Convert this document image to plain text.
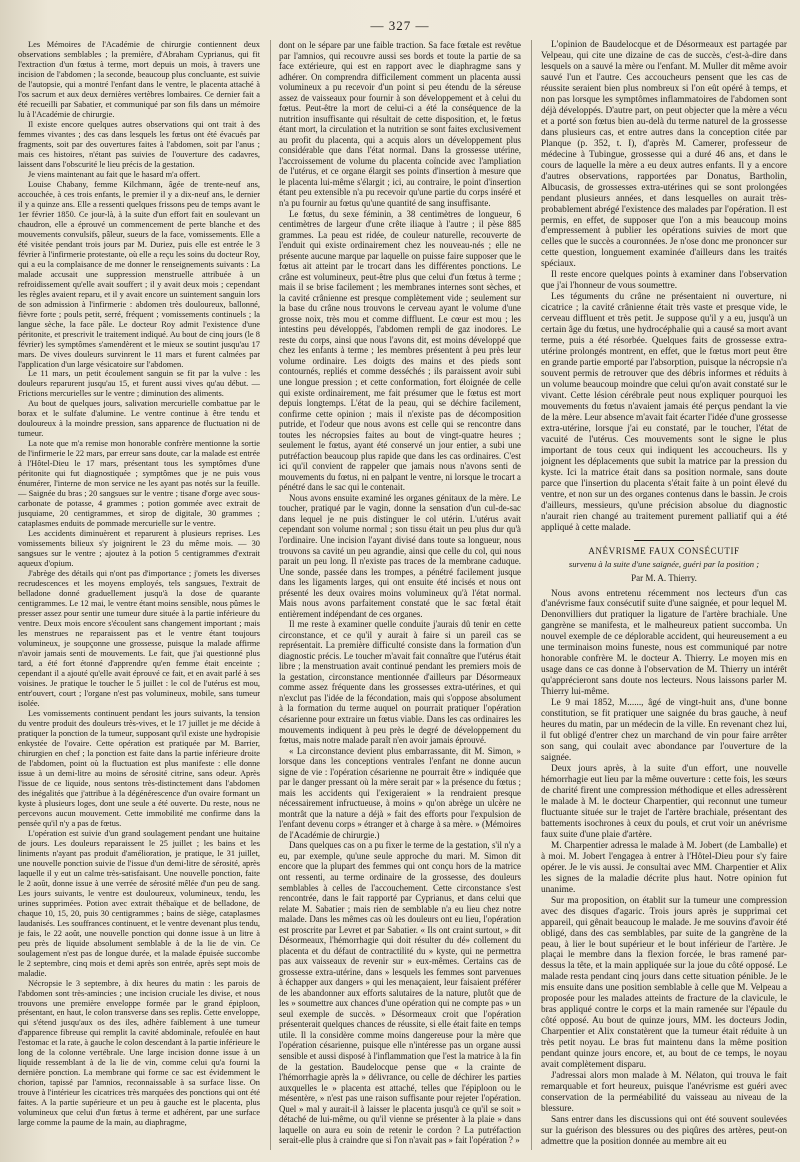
— 327 —

Les Mémoires de l'Académie de chirurgie contiennent deux observations semblables ; la première, d'Abraham Cyprianus, qui fit l'extraction d'un fœtus à terme, mort depuis un mois, à travers une incision de l'abdomen ; la seconde, beaucoup plus concluante, est suivie de l'autopsie, qui a montré l'enfant dans le ventre, le placenta attaché à l'os sacrum et aux deux dernières vertèbres lombaires. Ce dernier fait a été recueilli par Sabatier, et communiqué par son fils dans un mémoire lu à l'Académie de chirurgie.

Il existe encore quelques autres observations qui ont trait à des femmes vivantes ; des cas dans lesquels les fœtus ont été évacués par fragments, soit par des ouvertures faites à l'abdomen, soit par l'anus ; mais ces histoires, n'étant pas suivies de l'ouverture des cadavres, laissent dans l'obscurité le lieu précis de la gestation.

Je viens maintenant au fait que le hasard m'a offert.

Louise Chabany, femme Kilchmann, âgée de trente-neuf ans, accouchée, à ces trois enfants, le premier il y a dix-neuf ans, le dernier il y a quinze ans. Elle a ressenti quelques frissons peu de temps avant le 1er février 1850. Ce jour-là, à la suite d'un effort fait en soulevant un chaudron, elle a éprouvé un commencement de perte blanche et des mouvements convulsifs, pâleur, sueurs de la face, vomissements. Elle a été visitée pendant trois jours par M. Duriez, puis elle est entrée le 3 février à l'infirmerie protestante, où elle a reçu les soins du docteur Roy, qui a eu la complaisance de me donner le renseignements suivants : La malade accusait une suppression menstruelle attribuée à un refroidissement qu'elle avait souffert ; il y avait deux mois ; cependant les règles avaient reparu, et il y avait encore un suintement sanguin lors de son admission à l'infirmerie : abdomen très douloureux, ballonné, fièvre forte ; pouls petit, serré, fréquent ; vomissements continuels ; la langue sèche, la face pâle. Le docteur Roy admit l'existence d'une péritonite, et prescrivit le traitement indiqué. Au bout de cinq jours (le 8 février) les symptômes s'amendèrent et le mieux se soutint jusqu'au 17 mars. De vives douleurs survinrent le 11 mars et furent calmées par l'application d'un large vésicatoire sur l'abdomen.

Le 11 mars, un petit écoulement sanguin se fit par la vulve : les douleurs reparurent jusqu'au 15, et furent aussi vives qu'au début. — Frictions mercurielles sur le ventre ; diminution des aliments.

Au bout de quelques jours, salivation mercurielle combattue par le borax et le sulfate d'alumine. Le ventre continue à être tendu et douloureux à la moindre pression, sans apparence de fluctuation ni de tumeur.

La note que m'a remise mon honorable confrère mentionne la sortie de l'infirmerie le 22 mars, par erreur sans doute, car la malade est entrée à l'Hôtel-Dieu le 17 mars, présentant tous les symptômes d'une péritonite qui fut diagnostiquée ; symptômes que je ne puis vous énumérer, l'interne de mon service ne les ayant pas notés sur la feuille. — Saignée du bras ; 20 sangsues sur le ventre ; tisane d'orge avec sous-carbonate de potasse, 4 grammes ; potion gommée avec extrait de jusquiame, 20 centigrammes, et sirop de digitale, 30 grammes ; cataplasmes enduits de pommade mercurielle sur le ventre.

Les accidents diminuèrent et reparurent à plusieurs reprises. Les vomissements bilieux s'y joignirent le 23 du même mois. — 30 sangsues sur le ventre ; ajoutez à la potion 5 centigrammes d'extrait aqueux d'opium.

J'abrège des détails qui n'ont pas d'importance ; j'omets les diverses recrudescences et les moyens employés, tels sangsues, l'extrait de belladone donné graduellement jusqu'à la dose de quarante centigrammes. Le 12 mai, le ventre étant moins sensible, nous pûmes le presser assez pour sentir une tumeur dure située à la partie inférieure du ventre. Deux mois encore s'écoulent sans changement important ; mais les menstrues ne reparaissent pas et le ventre étant toujours volumineux, je soupçonne une grossesse, puisque la malade affirme n'avoir jamais senti de mouvements. Le fait, que j'ai questionné plus tard, a été fort étonné d'apprendre qu'en femme était enceinte ; cependant il a ajouté qu'elle avait éprouvé ce fait, et en avait parlé à ses voisines. Je pratique le toucher le 5 juillet : le col de l'utérus est mou, entr'ouvert, court ; l'organe n'est pas volumineux, mobile, sans tumeur isolée.

Les vomissements continuent pendant les jours suivants, la tension du ventre produit des douleurs très-vives, et le 17 juillet je me décide à pratiquer la ponction de la tumeur, supposant qu'il existe une hydropisie enkystée de l'ovaire. Cette opération est pratiquée par M. Barrier, chirurgien en chef ; la ponction est faite dans la partie inférieure droite de l'abdomen, point où la fluctuation est plus manifeste : elle donne issue à un demi-litre au moins de sérosité citrine, sans odeur. Après l'issue de ce liquide, nous sentons très-distinctement dans l'abdomen des inégalités que j'attribue à la dégénérescence d'un ovaire formant un kyste à plusieurs loges, dont une seule a été ouverte. Du reste, nous ne percevons aucun mouvement. Cette immobilité me confirme dans la pensée qu'il n'y a pas de fœtus.

L'opération est suivie d'un grand soulagement pendant une huitaine de jours. Les douleurs reparaissent le 25 juillet ; les bains et les liniments n'ayant pas produit d'amélioration, je pratique, le 31 juillet, une nouvelle ponction suivie de l'issue d'un demi-litre de sérosité, après laquelle il y eut un calme très-satisfaisant. Une nouvelle ponction, faite le 2 août, donne issue à une verrée de sérosité mêlée d'un peu de sang. Les jours suivants, le ventre est douloureux, volumineux, tendu, les urines supprimées. Potion avec extrait thébaïque et de belladone, de chaque 10, 15, 20, puis 30 centigrammes ; bains de siège, cataplasmes laudanisés. Les souffrances continuent, et le ventre devenant plus tendu, je fais, le 22 août, une nouvelle ponction qui donne issue à un litre à peu près de liquide absolument semblable à de la lie de vin. Ce soulagement n'est pas de longue durée, et la malade épuisée succombe le 2 septembre, cinq mois et demi après son entrée, après sept mois de maladie.

Nécropsie le 3 septembre, à dix heures du matin : les parois de l'abdomen sont très-amincies ; une incision cruciale les divise, et nous trouvons une première enveloppe formée par le grand épiploon, présentant, en haut, le colon transverse dans ses replis. Cette enveloppe, qui s'étend jusqu'aux os des iles, adhère faiblement à une tumeur d'apparence fibreuse qui remplit la cavité abdominale, refoulée en haut l'estomac et la rate, à gauche le colon descendant à la partie inférieure le long de la colonne vertébrale. Une large incision donne issue à un liquide ressemblant à de la lie de vin, comme celui qu'a fourni la dernière ponction. La membrane qui forme ce sac est évidemment le chorion, tapissé par l'amnios, reconnaissable à sa surface lisse. On trouve à l'intérieur les cicatrices très marquées des ponctions qui ont été faites. A la partie supérieure et un peu à gauche est le placenta, plus volumineux que celui d'un fœtus à terme et adhérent, par une surface large comme la paume de la main, au diaphragme,

dont on le sépare par une faible traction. Sa face fœtale est revêtue par l'amnios, qui recouvre aussi ses bords et toute la partie de sa face extérieure, qui est en rapport avec le diaphragme sans y adhérer. On comprendra difficilement comment un placenta aussi volumineux a pu recevoir d'un point si peu étendu de la séreuse assez de vaisseaux pour fournir à son développement et à celui du fœtus. Peut-être la mort de celui-ci a été la conséquence de la nutrition insuffisante qui résultait de cette disposition, et, le fœtus étant mort, la circulation et la nutrition se sont faites exclusivement au profit du placenta, qui a acquis alors un développement plus considérable que dans l'état normal. Dans la grossesse utérine, l'accroissement de volume du placenta coïncide avec l'ampliation de l'utérus, et ce organe élargit ses points d'insertion à mesure que le placenta lui-même s'élargit ; ici, au contraire, le point d'insertion étant peu extensible n'a pu recevoir qu'une partie du corps inséré et n'a pu fournir au fœtus qu'une quantité de sang insuffisante.

Le fœtus, du sexe féminin, a 38 centimètres de longueur, 6 centimètres de largeur d'une crête iliaque à l'autre ; il pèse 885 grammes. La peau est ridée, de couleur naturelle, recouverte de l'enduit qui existe ordinairement chez les nouveau-nés ; elle ne présente aucune marque par laquelle on puisse faire supposer que le fœtus ait atteint par le trocart dans les différentes ponctions. Le crâne est volumineux, peut-être plus que celui d'un fœtus à terme ; mais il se brise facilement ; les membranes internes sont sèches, et la cavité crânienne est presque complètement vide ; seulement sur la base du crâne nous trouvons le cerveau ayant le volume d'une grosse noix, très mou et comme diffluent. Le cœur est mou ; les intestins peu développés, l'abdomen rempli de gaz inodores. Le reste du corps, ainsi que nous l'avons dit, est moins développé que chez les enfants à terme ; les membres présentent à peu près leur volume ordinaire. Les doigts des mains et des pieds sont contournés, repliés et comme desséchés ; ils paraissent avoir subi une longue pression ; et cette conformation, fort éloignée de celle qui existe ordinairement, me fait présumer que le fœtus est mort depuis longtemps. L'état de la peau, qui se déchire facilement, confirme cette opinion ; mais il n'existe pas de décomposition putride, et l'odeur que nous avons est celle qui se rencontre dans toutes les nécropsies faites au bout de vingt-quatre heures ; seulement le fœtus, ayant été conservé un jour entier, a subi une putréfaction beaucoup plus rapide que dans les cas ordinaires. C'est ici qu'il convient de rappeler que jamais nous n'avons senti de mouvements du fœtus, ni en palpant le ventre, ni lorsque le trocart a pénétré dans le sac qui le contenait.

Nous avons ensuite examiné les organes génitaux de la mère. Le toucher, pratiqué par le vagin, donne la sensation d'un cul-de-sac dans lequel je ne puis distinguer le col utérin. L'utérus avait cependant son volume normal ; son tissu était un peu plus dur qu'à l'ordinaire. Une incision l'ayant divisé dans toute sa longueur, nous trouvons sa cavité un peu agrandie, ainsi que celle du col, qui nous parait un peu long. Il n'existe pas traces de la membrane caduque. Une sonde, passée dans les trompes, a pénétré facilement jusque dans les ligaments larges, qui ont ensuite été incisés et nous ont présenté les deux ovaires moins volumineux qu'à l'état normal. Mais nous avons parfaitement constaté que le sac fœtal était entièrement indépendant de ces organes.

Il me reste à examiner quelle conduite j'aurais dû tenir en cette circonstance, et ce qu'il y aurait à faire si un pareil cas se représentait. La première difficulté consiste dans la formation d'un diagnostic précis. Le toucher m'avait fait connaître que l'utérus était libre ; la menstruation avait continué pendant les premiers mois de la gestation, circonstance mentionnée d'ailleurs par Désormeaux comme assez fréquente dans les grossesses extra-utérines, et qui n'exclut pas l'idée de la fécondation, mais qui s'oppose absolument à la formation du terme auquel on pourrait pratiquer l'opération césarienne pour extraire un fœtus viable. Dans les cas ordinaires les mouvements indiquent à peu près le degré de développement du fœtus, mais notre malade paraît n'en avoir jamais éprouvé.

« La circonstance devient plus embarrassante, dit M. Simon, » lorsque dans les conceptions ventrales l'enfant ne donne aucun signe de vie : l'opération césarienne ne pourrait être » indiquée que par le danger pressant où la mère serait par » la présence du fœtus ; mais les accidents qui l'exigeraient » la rendraient presque nécessairement infructueuse, à moins » qu'on abrège un ulcère ne montrât que la nature a déjà » fait des efforts pour l'expulsion de l'enfant devenu corps » étranger et à charge à sa mère. » (Mémoires de l'Académie de chirurgie.)

Dans quelques cas on a pu fixer le terme de la gestation, s'il n'y a eu, par exemple, qu'une seule approche du mari. M. Simon dit encore que la plupart des femmes qui ont conçu hors de la matrice ont ressenti, au terme ordinaire de la grossesse, des douleurs semblables à celles de l'accouchement. Cette circonstance s'est rencontrée, dans le fait rapporté par Cyprianus, et dans celui que relate M. Sabatier ; mais rien de semblable n'a eu lieu chez notre malade. Dans les mêmes cas où les douleurs ont eu lieu, l'opération est proscrite par Levret et par Sabatier. « Ils ont craint surtout, » dit Désormeaux, l'hémorrhagie qui doit résulter du dé» collement du placenta et du défaut de contractilité du » kyste, qui ne permettra pas aux vaisseaux de revenir sur » eux-mêmes. Certains cas de grossesse extra-utérine, dans » lesquels les femmes sont parvenues à échapper aux dangers » qui les menaçaient, leur faisaient préférer de les abandonner aux efforts salutaires de la nature, plutôt que de les » soumettre aux chances d'une opération qui ne compte pas » un seul exemple de succès. » Désormeaux croit que l'opération présenterait quelques chances de réussite, si elle était faite en temps utile. Il la considère comme moins dangereuse pour la mère que l'opération césarienne, puisque elle n'intéresse pas un organe aussi sensible et aussi disposé à l'inflammation que l'est la matrice à la fin de la gestation. Baudelocque pense que « la crainte de l'hémorrhagie après la » délivrance, ou celle de déchirer les parties auxquelles le » placenta est attaché, telles que l'épiploon ou le mésentère, » n'est pas une raison suffisante pour rejeter l'opération. Quel » mal y aurait-il à laisser le placenta jusqu'à ce qu'il se soit » détaché de lui-même, ou qu'il vienne se présenter à la plaie » dans laquelle on aura eu soin de retenir le cordon ? La putréfaction serait-elle plus à craindre que si l'on n'avait pas » fait l'opération ? »

L'opinion de Baudelocque et de Désormeaux est partagée par Velpeau, qui cite une dizaine de cas de succès, c'est-à-dire dans lesquels on a sauvé la mère ou l'enfant. M. Muller dit même avoir sauvé l'un et l'autre. Ces accoucheurs pensent que les cas de réussite seraient bien plus nombreux si l'on eût opéré à temps, et non pas lorsque les symptômes inflammatoires de l'abdomen sont déjà développés. D'autre part, on peut objecter que la mère a vécu et a porté son fœtus bien au-delà du terme naturel de la grossesse dans plusieurs cas, et entre autres dans la conception citée par Planque (p. 352, t. I), d'après M. Camerer, professeur de médecine à Tubingue, grossesse qui a duré 46 ans, et dans le cours de laquelle la mère a eu deux autres enfants. Il y a encore d'autres observations, rapportées par Donatus, Bartholin, Albucasis, de grossesses extra-utérines qui se sont prolongées pendant plusieurs années, et dans lesquelles on aurait très-probablement abrégé l'existence des malades par l'opération. Il est permis, en effet, de supposer que l'on a mis beaucoup moins d'empressement à publier les opérations suivies de mort que celles que le succès a couronnées. Je n'ose donc me prononcer sur cette question, longuement examinée d'ailleurs dans les traités spéciaux.

Il reste encore quelques points à examiner dans l'observation que j'ai l'honneur de vous soumettre.

Les téguments du crâne ne présentaient ni ouverture, ni cicatrice ; la cavité crânienne était très vaste et presque vide, le cerveau diffluent et très petit. Je suppose qu'il y a eu, jusqu'à un certain âge du fœtus, une hydrocéphalie qui a causé sa mort avant terme, puis a été résorbée. Quelques faits de grossesse extra-utérine prolongés montrent, en effet, que le fœtus mort peut être en grande partie emporté par l'absorption, puisque la nécropsie n'a souvent permis de retrouver que des débris informes et réduits à un volume beaucoup moindre que celui qu'on avait constaté sur le vivant. Cette lésion cérébrale peut nous expliquer pourquoi les mouvements du fœtus n'avaient jamais été perçus pendant la vie de la mère. Leur absence m'avait fait écarter l'idée d'une grossesse extra-utérine, lorsque j'ai eu constaté, par le toucher, l'état de vacuité de l'utérus. Ces mouvements sont le signe le plus important de tous ceux qui indiquent les accoucheurs. Ils y joignent les déplacements que subit la matrice par la pression du kyste. Ici la matrice était dans sa position normale, sans doute parce que l'insertion du placenta s'était faite à un point élevé du ventre, et non sur un des organes contenus dans le bassin. Je crois d'ailleurs, messieurs, qu'une précision absolue du diagnostic n'aurait rien changé au traitement purement palliatif qui a été appliqué à cette malade.

ANÉVRISME FAUX CONSÉCUTIF
survenu à la suite d'une saignée, guéri par la position ;
Par M. A. Thierry.

Nous avons entretenu récemment nos lecteurs d'un cas d'anévrisme faux consécutif suite d'une saignée, et pour lequel M. Denonvilliers dut pratiquer la ligature de l'artère brachiale. Une gangrène se manifesta, et le malheureux patient succomba. Un nouvel exemple de ce déplorable accident, qui heureusement a eu une terminaison moins funeste, nous est communiqué par notre honorable confrère M. le docteur A. Thierry. Le moyen mis en usage dans ce cas donne à l'observation de M. Thierry un intérêt qu'apprécieront sans doute nos lecteurs. Nous laissons parler M. Thierry lui-même.

Le 9 mai 1852, M......, âgé de vingt-huit ans, d'une bonne constitution, se fit pratiquer une saignée du bras gauche, à neuf heures du matin, par un médecin de la ville. En revenant chez lui, il fut obligé d'entrer chez un marchand de vin pour faire arrêter son sang, qui coulait avec abondance par l'ouverture de la saignée.

Deux jours après, à la suite d'un effort, une nouvelle hémorrhagie eut lieu par la même ouverture : cette fois, les sœurs de charité firent une compression méthodique et elles adressèrent le malade à M. le docteur Charpentier, qui reconnut une tumeur fluctuante située sur le trajet de l'artère brachiale, présentant des battements isochrones à ceux du pouls, et crut voir un anévrisme faux suite d'une plaie d'artère.

M. Charpentier adressa le malade à M. Jobert (de Lamballe) et à moi. M. Jobert l'engagea à entrer à l'Hôtel-Dieu pour s'y faire opérer. Je le vis aussi. Je consultai avec MM. Charpentier et Alix les signes de la maladie décrite plus haut. Notre opinion fut unanime.

Sur ma proposition, on établit sur la tumeur une compression avec des disques d'agaric. Trois jours après je supprimai cet appareil, qui gênait beaucoup le malade. Je me souvins d'avoir été obligé, dans des cas semblables, par suite de la gangrène de la peau, à lier le bout supérieur et le bout inférieur de l'artère. Je plaçai le membre dans la flexion forcée, le bras ramené par-dessus la tête, et la main appliquée sur la joue du côté opposé. Le malade resta pendant cinq jours dans cette situation pénible. Je le mis ensuite dans une position semblable à celle que M. Velpeau a proposée pour les malades atteints de fracture de la clavicule, le bras appliqué contre le corps et la main ramenée sur l'épaule du côté opposé. Au bout de quinze jours, MM. les docteurs Jodin, Charpentier et Alix constatèrent que la tumeur était réduite à un très petit noyau. Le bras fut maintenu dans la même position pendant quinze jours encore, et, au bout de ce temps, le noyau avait complètement disparu.

J'adressai alors mon malade à M. Nélaton, qui trouva le fait remarquable et fort heureux, puisque l'anévrisme est guéri avec conservation de la perméabilité du vaisseau au niveau de la blessure.

Sans entrer dans les discussions qui ont été souvent soulevées sur la guérison des blessures ou des piqûres des artères, peut-on admettre que la position donnée au membre ait eu
